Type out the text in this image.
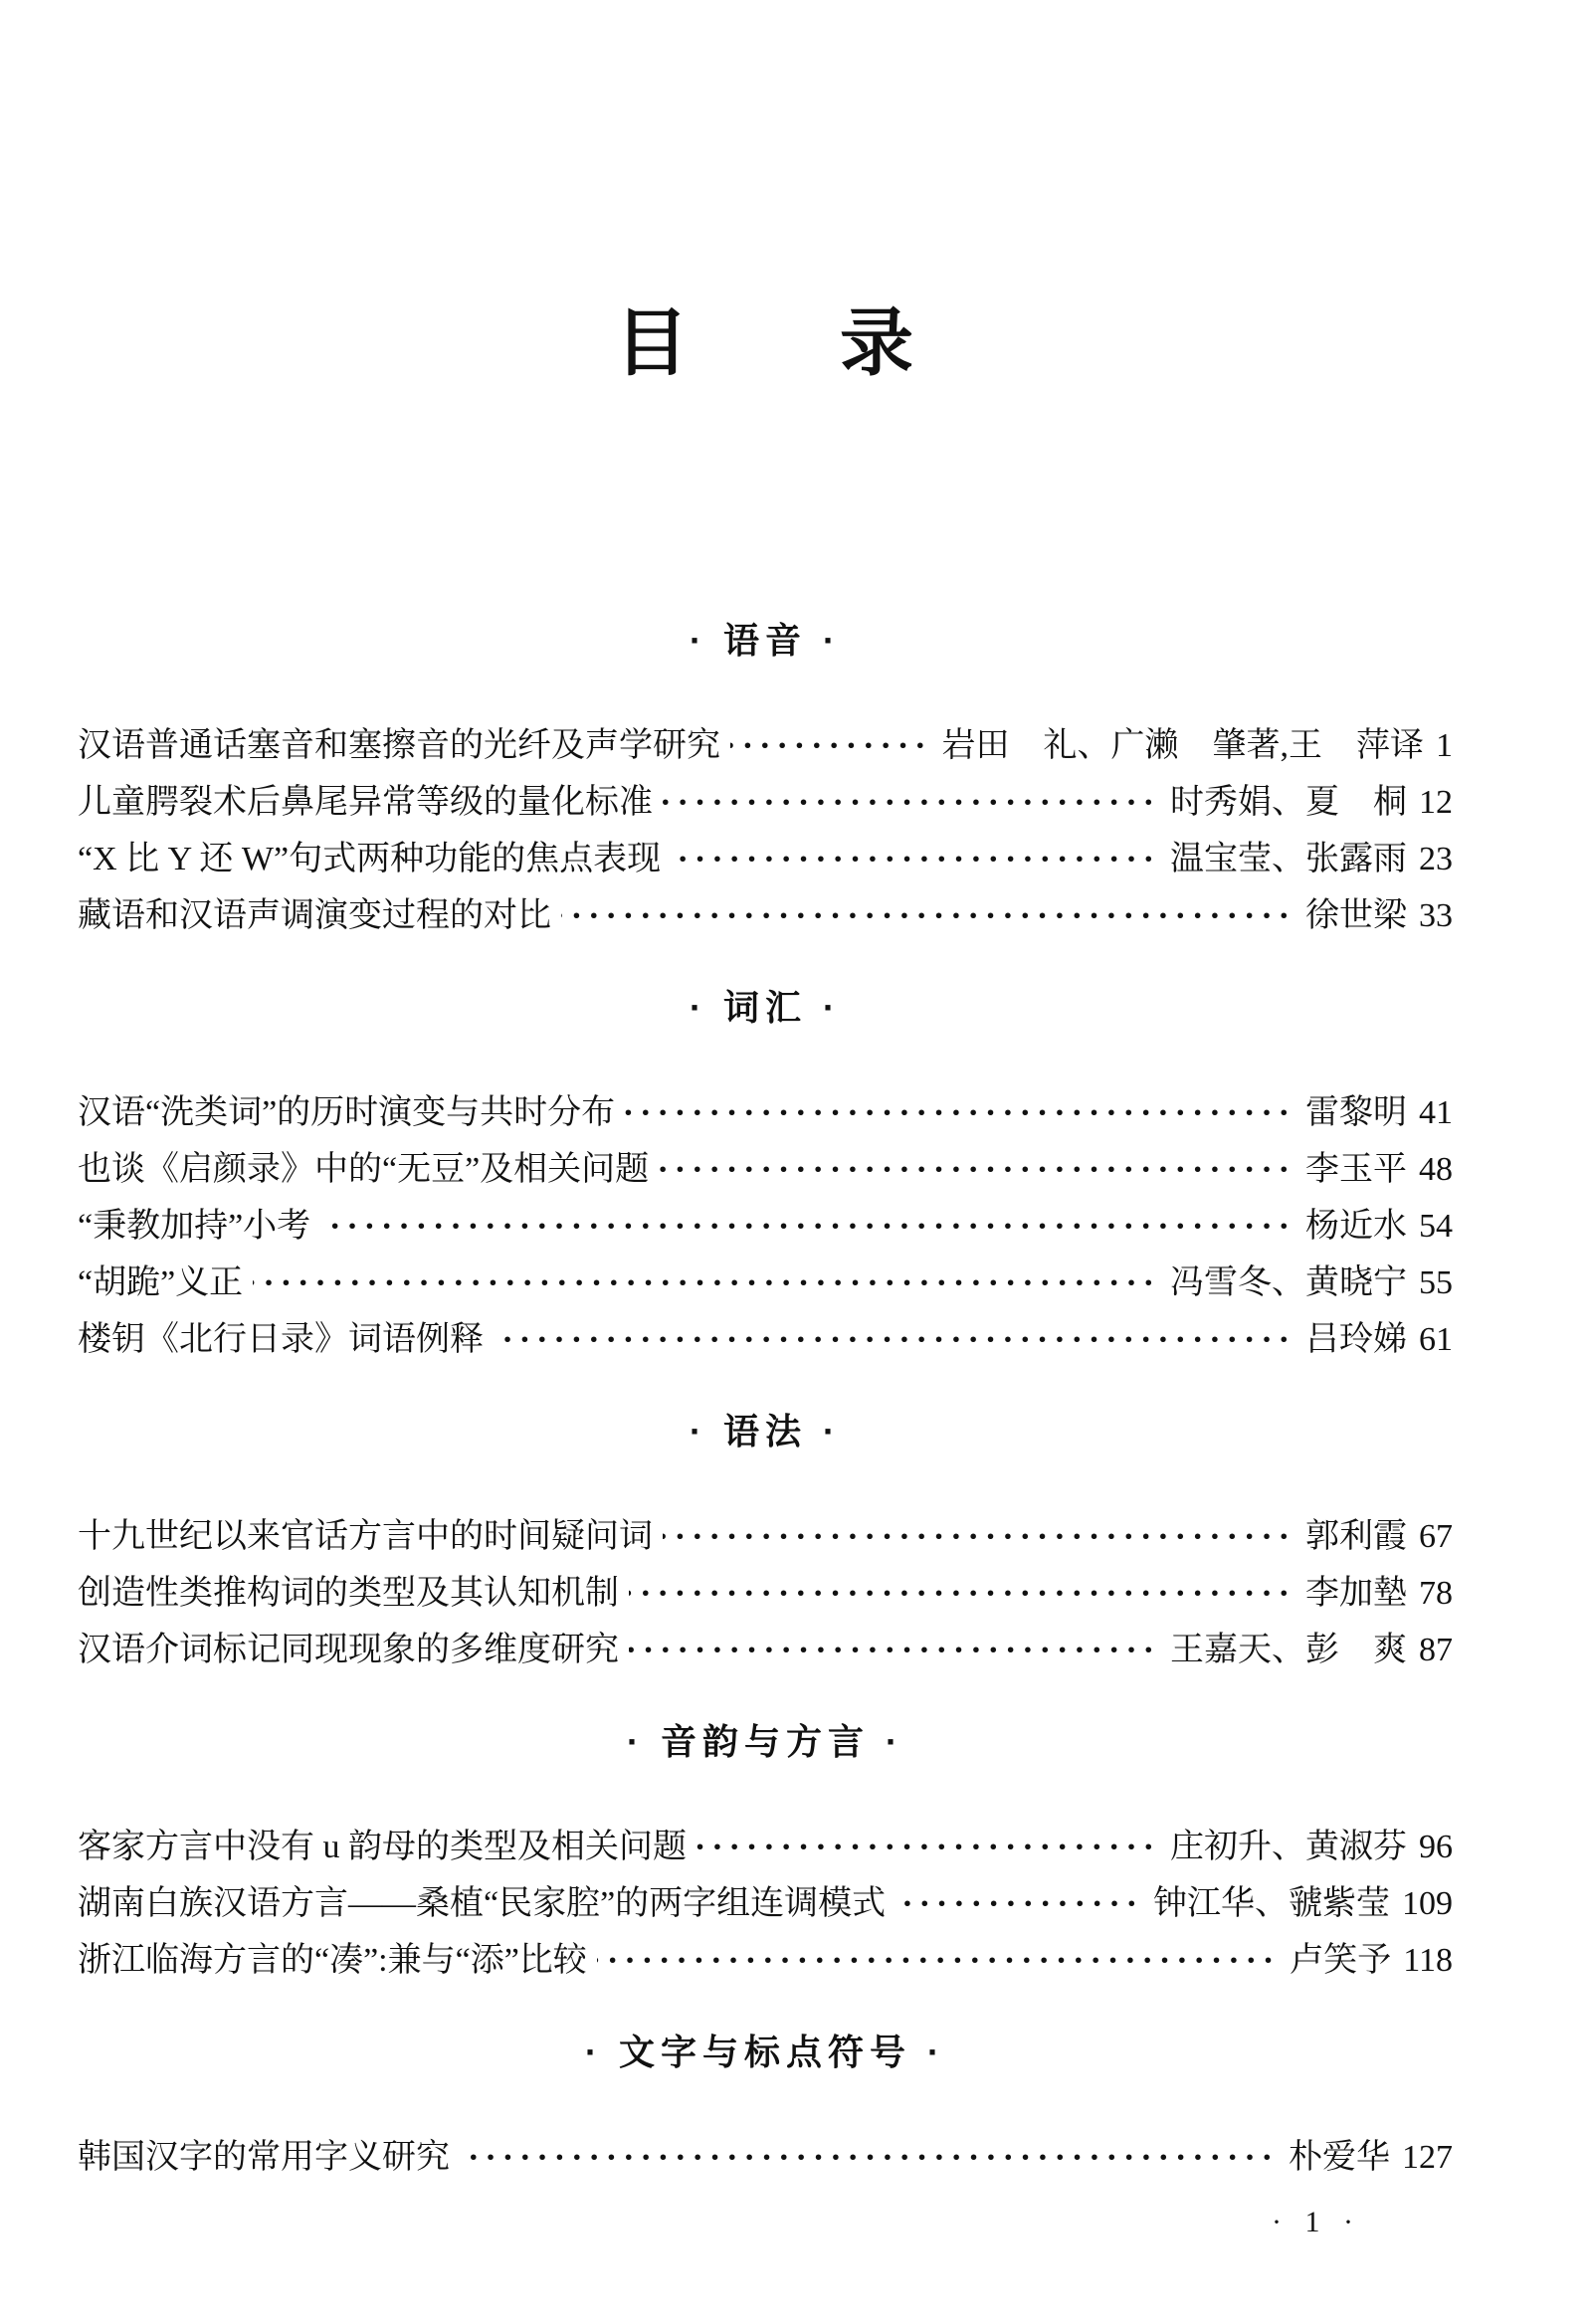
目 录
· 语音 ·
汉语普通话塞音和塞擦音的光纤及声学研究 ·····	岩田　礼、广濑　肇著,王　萍译 1
儿童腭裂术后鼻尾异常等级的量化标准 ·····	时秀娟、夏　桐 12
“X 比 Y 还 W”句式两种功能的焦点表现 ·····	温宝莹、张露雨 23
藏语和汉语声调演变过程的对比 ·····	徐世梁 33
· 词汇 ·
汉语“洗类词”的历时演变与共时分布 ·····	雷黎明 41
也谈《启颜录》中的“无豆”及相关问题 ·····	李玉平 48
“秉教加持”小考 ·····	杨近水 54
“胡跪”义正 ·····	冯雪冬、黄晓宁 55
楼钥《北行日录》词语例释 ·····	吕玲娣 61
· 语法 ·
十九世纪以来官话方言中的时间疑问词 ·····	郭利霞 67
创造性类推构词的类型及其认知机制 ·····	李加墊 78
汉语介词标记同现现象的多维度研究 ·····	王嘉天、彭　爽 87
· 音韵与方言 ·
客家方言中没有 u 韵母的类型及相关问题 ·····	庄初升、黄淑芬 96
湖南白族汉语方言——桑植“民家腔”的两字组连调模式 ·····	钟江华、虢紫莹 109
浙江临海方言的“凑”:兼与“添”比较 ·····	卢笑予 118
· 文字与标点符号 ·
韩国汉字的常用字义研究 ·····	朴爱华 127
· 1 ·
